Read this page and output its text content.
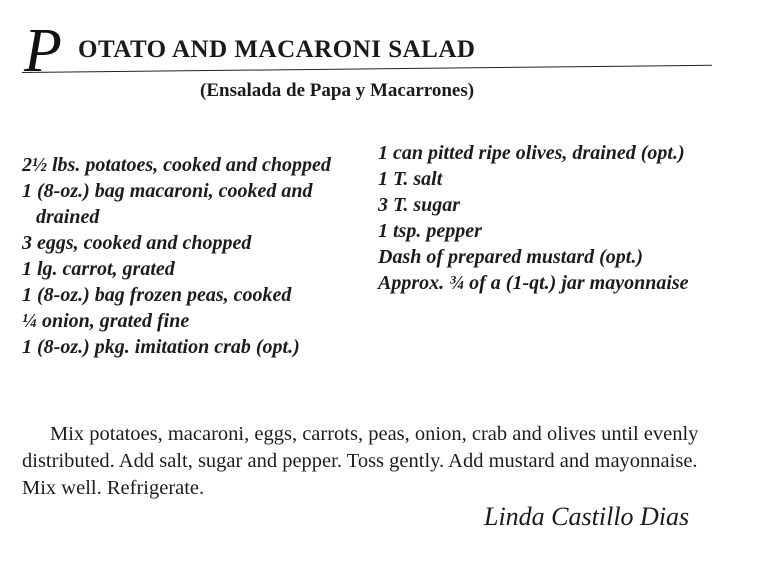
P OTATO AND MACARONI SALAD
(Ensalada de Papa y Macarrones)

2½ lbs. potatoes, cooked and chopped

1 (8-oz.) bag macaroni, cooked and drained

3 eggs, cooked and chopped

1 lg. carrot, grated

1 (8-oz.) bag frozen peas, cooked

¼ onion, grated fine

1 (8-oz.) pkg. imitation crab (opt.)

1 can pitted ripe olives, drained (opt.)

1 T. salt

3 T. sugar

1 tsp. pepper

Dash of prepared mustard (opt.)

Approx. ¾ of a (1-qt.) jar mayonnaise

Mix potatoes, macaroni, eggs, carrots, peas, onion, crab and olives until evenly distributed. Add salt, sugar and pepper. Toss gently. Add mustard and mayonnaise. Mix well. Refrigerate.

Linda Castillo Dias
